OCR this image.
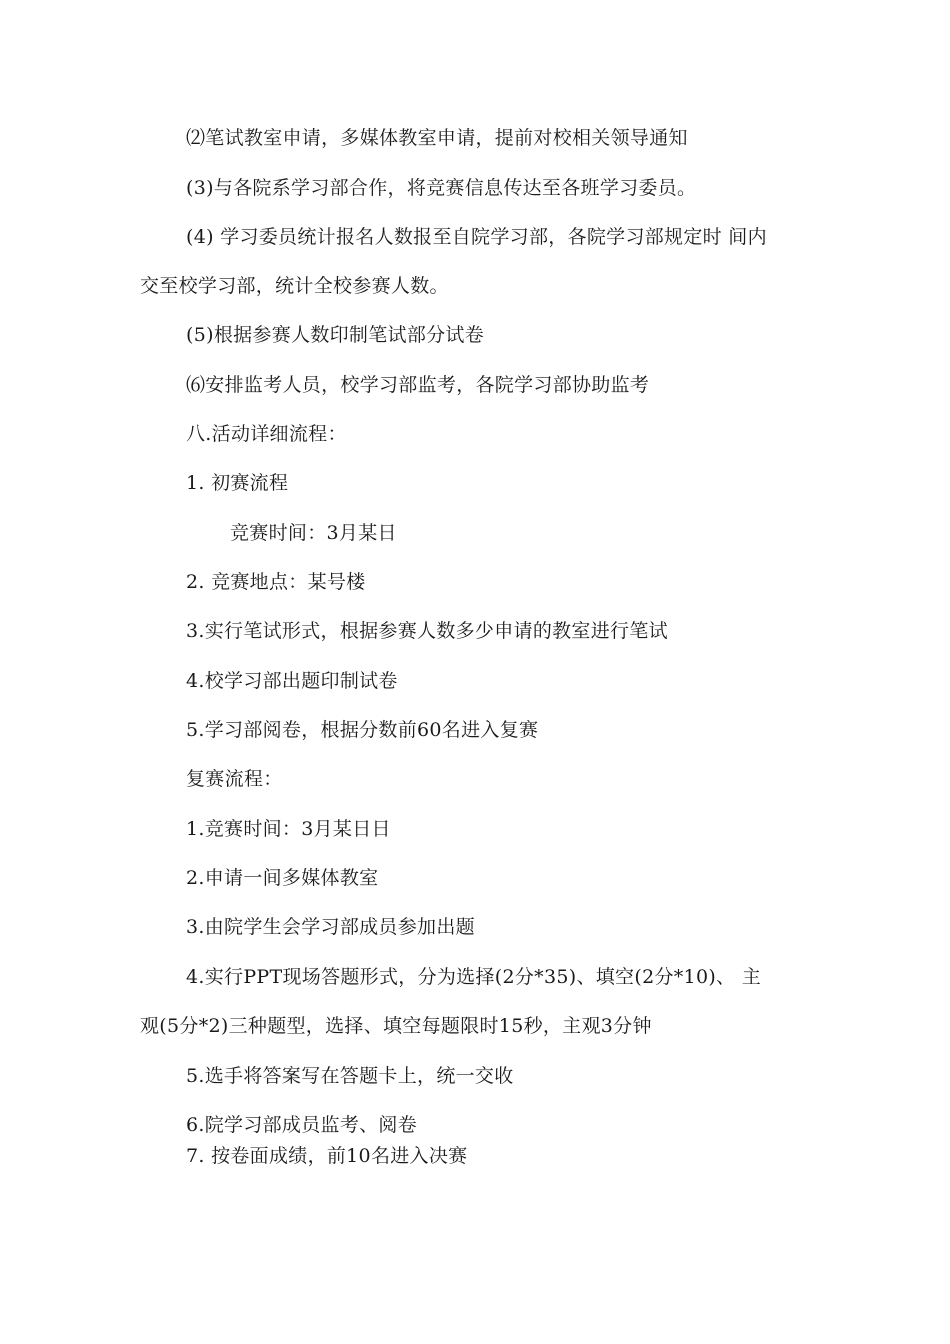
⑵笔试教室申请，多媒体教室申请，提前对校相关领导通知
(3)与各院系学习部合作，将竞赛信息传达至各班学习委员。
(4) 学习委员统计报名人数报至自院学习部，各院学习部规定时 间内
交至校学习部，统计全校参赛人数。
(5)根据参赛人数印制笔试部分试卷
⑹安排监考人员，校学习部监考，各院学习部协助监考
八.活动详细流程：
1. 初赛流程
竞赛时间：3月某日
2. 竞赛地点：某号楼
3.实行笔试形式，根据参赛人数多少申请的教室进行笔试
4.校学习部出题印制试卷
5.学习部阅卷，根据分数前60名进入复赛
复赛流程：
1.竞赛时间：3月某日日
2.申请一间多媒体教室
3.由院学生会学习部成员参加出题
4.实行PPT现场答题形式，分为选择(2分*35)、填空(2分*10)、 主
观(5分*2)三种题型，选择、填空每题限时15秒，主观3分钟
5.选手将答案写在答题卡上，统一交收
6.院学习部成员监考、阅卷
7. 按卷面成绩，前10名进入决赛
